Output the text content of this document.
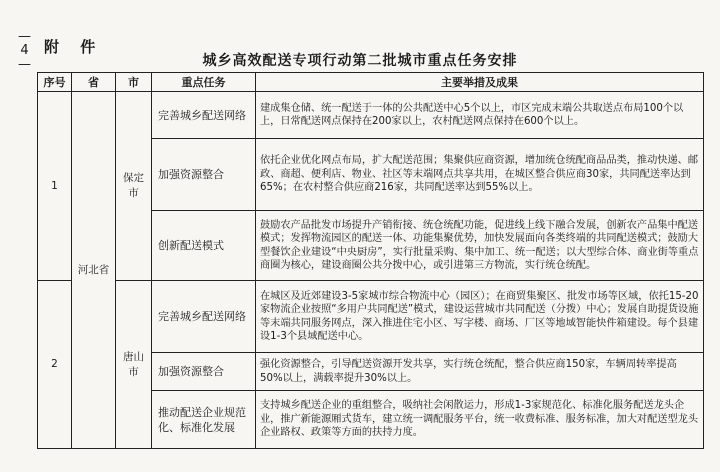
—
4
—
附 件
城乡高效配送专项行动第二批城市重点任务安排
序号	省	市	重点任务	主要举措及成果
1	河北省	保定市	完善城乡配送网络	建成集仓储、统一配送于一体的公共配送中心5个以上，市区完成末端公共取送点布局100个以上，日常配送网点保持在200家以上，农村配送网点保持在600个以上。
			加强资源整合	依托企业优化网点布局，扩大配送范围；集聚供应商资源，增加统仓统配商品品类，推动快递、邮政、商超、便利店、物业、社区等末端网点共享共用，在城区整合供应商30家，共同配送率达到65%；在农村整合供应商216家，共同配送率达到55%以上。
			创新配送模式	鼓励农产品批发市场提升产销衔接、统仓统配功能，促进线上线下融合发展，创新农产品集中配送模式；发挥物流园区的配送一体、功能集聚优势，加快发展面向各类终端的共同配送模式；鼓励大型餐饮企业建设“中央厨房”，实行批量采购、集中加工、统一配送；以大型综合体、商业街等重点商圈为核心，建设商圈公共分拨中心，或引进第三方物流，实行统仓统配。
2		唐山市	完善城乡配送网络	在城区及近郊建设3-5家城市综合物流中心（园区）；在商贸集聚区、批发市场等区域，依托15-20家物流企业按照“多用户共同配送”模式，建设运营城市共同配送（分拨）中心；发展自助提货设施等末端共同服务网点，深入推进住宅小区、写字楼、商场、厂区等地域智能快件箱建设。每个县建设1-3个县域配送中心。
			加强资源整合	强化资源整合，引导配送资源开发共享，实行统仓统配，整合供应商150家，车辆周转率提高50%以上，满载率提升30%以上。
			推动配送企业规范化、标准化发展	支持城乡配送企业的重组整合，吸纳社会闲散运力，形成1-3家规范化、标准化服务配送龙头企业，推广新能源厢式货车，建立统一调配服务平台，统一收费标准、服务标准，加大对配送型龙头企业路权、政策等方面的扶持力度。
